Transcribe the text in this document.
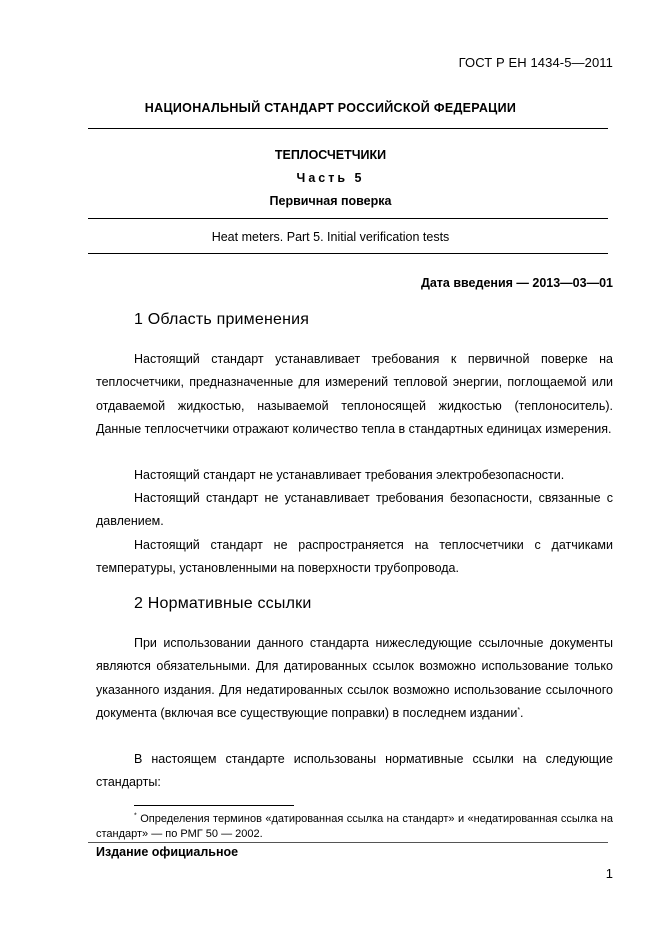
ГОСТ Р ЕН 1434-5—2011
НАЦИОНАЛЬНЫЙ СТАНДАРТ РОССИЙСКОЙ ФЕДЕРАЦИИ
ТЕПЛОСЧЕТЧИКИ
Часть 5
Первичная поверка
Heat meters. Part 5. Initial verification tests
Дата введения — 2013—03—01
1 Область применения
Настоящий стандарт устанавливает требования к первичной поверке на теплосчетчики, предназначенные для измерений тепловой энергии, поглощаемой или отдаваемой жидкостью, называемой теплоносящей жидкостью (теплоноситель). Данные теплосчетчики отражают количество тепла в стандартных единицах измерения.
Настоящий стандарт не устанавливает требования электробезопасности.
Настоящий стандарт не устанавливает требования безопасности, связанные с давлением.
Настоящий стандарт не распространяется на теплосчетчики с датчиками температуры, установленными на поверхности трубопровода.
2 Нормативные ссылки
При использовании данного стандарта нижеследующие ссылочные документы являются обязательными. Для датированных ссылок возможно использование только указанного издания. Для недатированных ссылок возможно использование ссылочного документа (включая все существующие поправки) в последнем издании*.
В настоящем стандарте использованы нормативные ссылки на следующие стандарты:
* Определения терминов «датированная ссылка на стандарт» и «недатированная ссылка на стандарт» — по РМГ 50 — 2002.
Издание официальное
1
